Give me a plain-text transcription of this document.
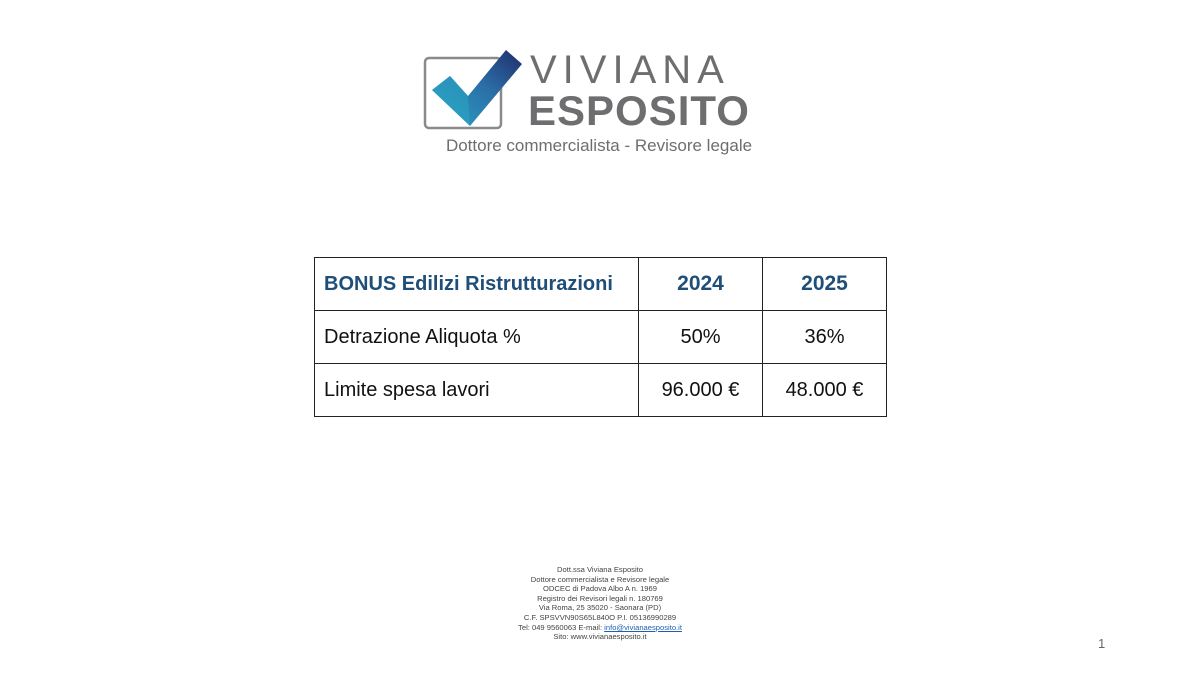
VIVIANA
ESPOSITO
Dottore commercialista - Revisore legale
BONUS Edilizi Ristrutturazioni	2024	2025
Detrazione Aliquota %	50%	36%
Limite spesa lavori	96.000 €	48.000 €
Dott.ssa Viviana Esposito
Dottore commercialista e Revisore legale
ODCEC di Padova Albo A n. 1969
Registro dei Revisori legali n. 180769
Via Roma, 25 35020 - Saonara (PD)
C.F. SPSVVN90S65L840O P.I. 05136990289
Tel: 049 9560063 E-mail: info@vivianaesposito.it
Sito: www.vivianaesposito.it	1
